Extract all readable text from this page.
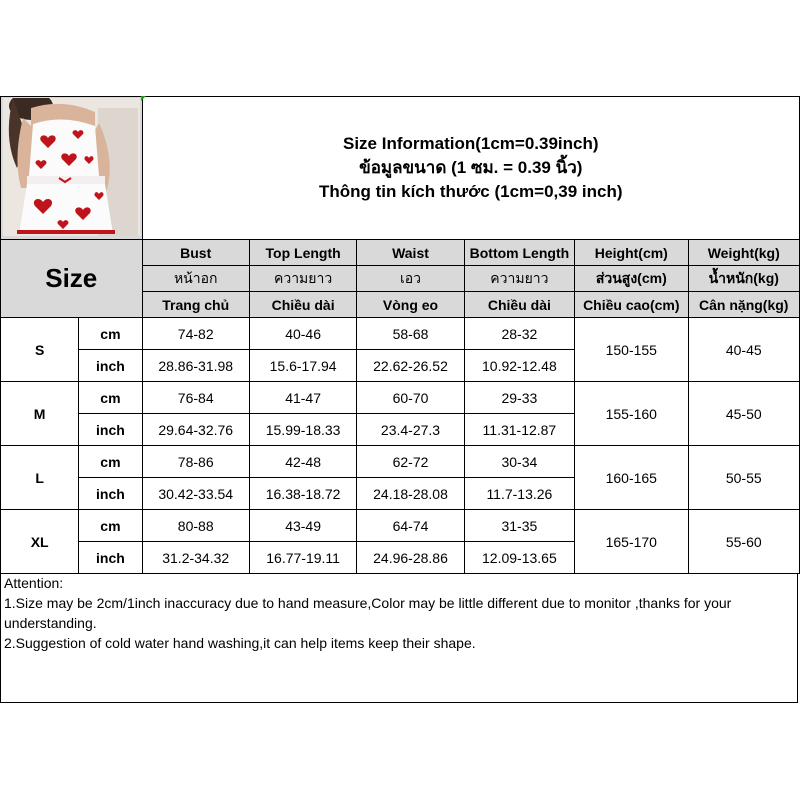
Size Information(1cm=0.39inch)
ข้อมูลขนาด (1 ซม. = 0.39 นิ้ว)
Thông tin kích thước (1cm=0,39 inch)					

Size		Bust	Top Length	Waist	Bottom Length	Height(cm)	Weight(kg)
		หน้าอก	ความยาว	เอว	ความยาว	ส่วนสูง(cm)	น้ำหนัก(kg)
		Trang chủ	Chiều dài	Vòng eo	Chiều dài	Chiều cao(cm)	Cân nặng(kg)
S	cm	74-82	40-46	58-68	28-32	150-155	40-45
	inch	28.86-31.98	15.6-17.94	22.62-26.52	10.92-12.48		
M	cm	76-84	41-47	60-70	29-33	155-160	45-50
	inch	29.64-32.76	15.99-18.33	23.4-27.3	11.31-12.87		
L	cm	78-86	42-48	62-72	30-34	160-165	50-55
	inch	30.42-33.54	16.38-18.72	24.18-28.08	11.7-13.26		
XL	cm	80-88	43-49	64-74	31-35	165-170	55-60
	inch	31.2-34.32	16.77-19.11	24.96-28.86	12.09-13.65		
Attention:
1.Size may be 2cm/1inch inaccuracy due to hand measure,Color may be little different due to monitor ,thanks for your understanding.
2.Suggestion of cold water hand washing,it can help items keep their shape.
